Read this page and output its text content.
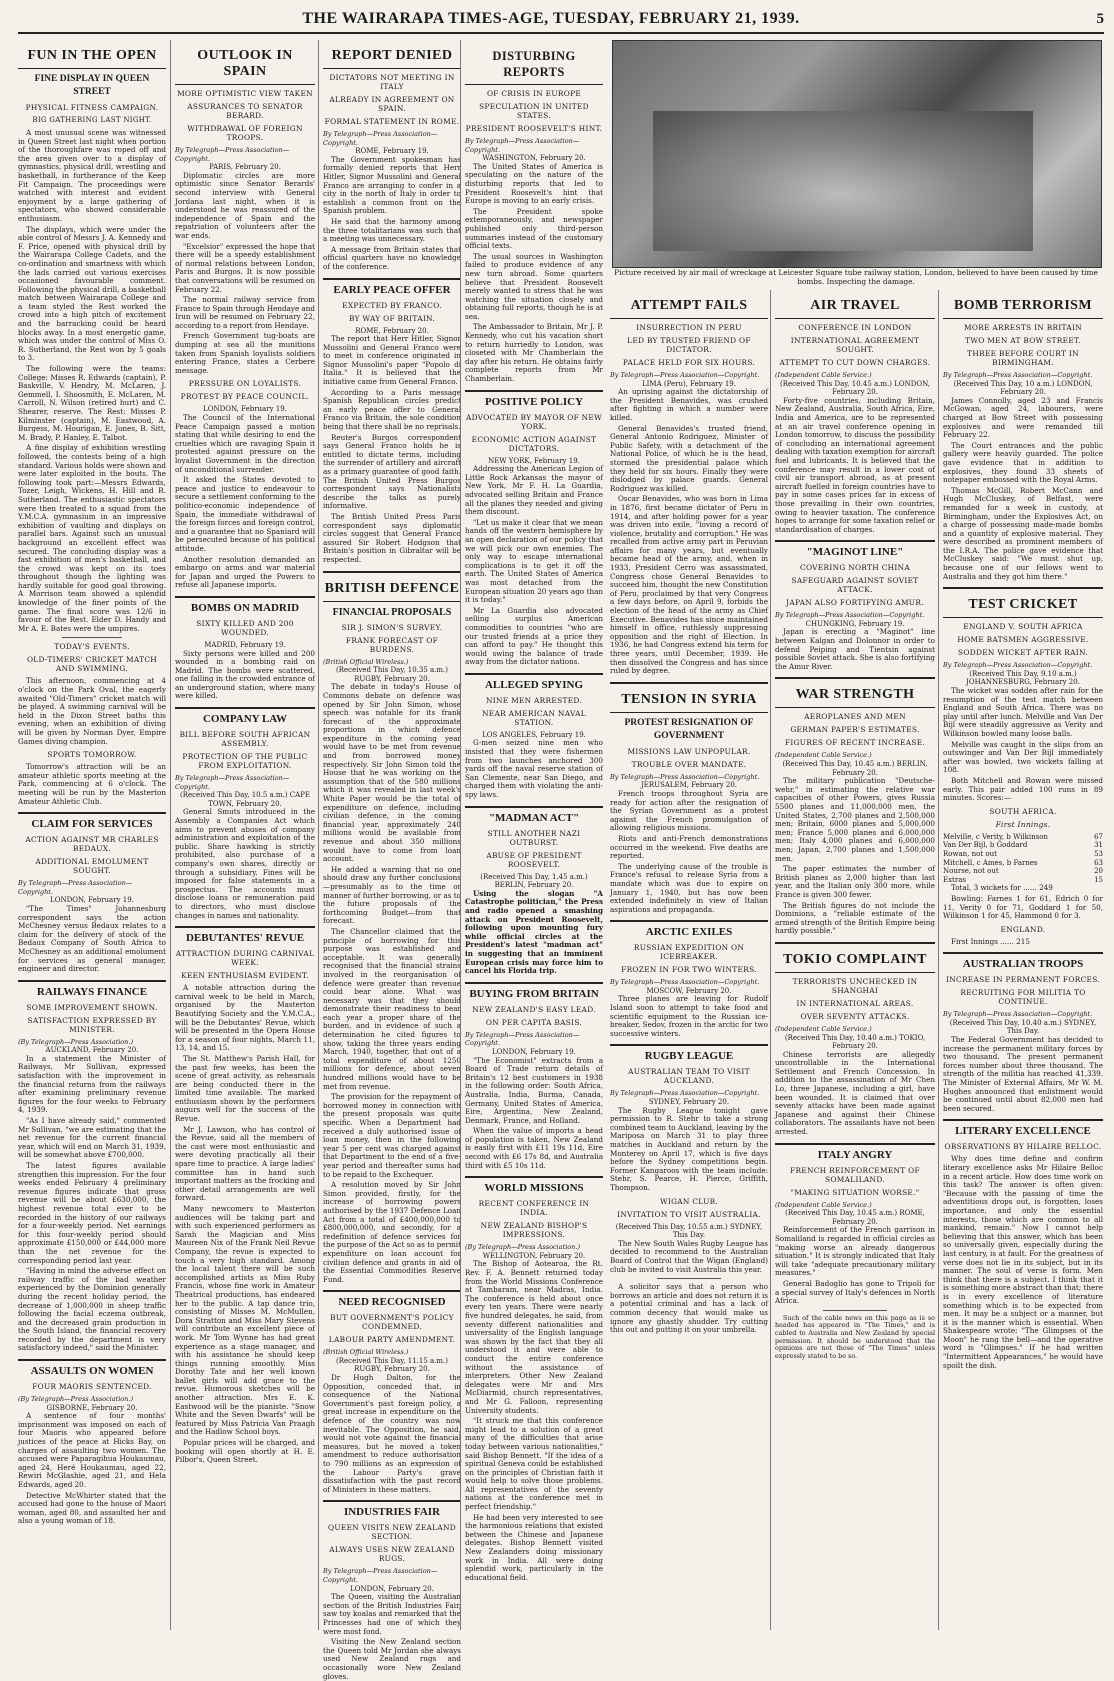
THE WAIRARAPA TIMES-AGE, TUESDAY, FEBRUARY 21, 1939.	5
FUN IN THE OPEN
FINE DISPLAY IN QUEEN STREET
PHYSICAL FITNESS CAMPAIGN.
BIG GATHERING LAST NIGHT.

A most unusual scene was witnessed in Queen Street last night when portion of the thoroughfare was roped off and the area given over to a display of gymnastics, physical drill, wrestling and basketball, in furtherance of the Keep Fit Campaign. The proceedings were watched with interest and evident enjoyment by a large gathering of spectators, who showed considerable enthusiasm.

The displays, which were under the able control of Messrs J. A. Kennedy and F. Price, opened with physical drill by the Wairarapa College Cadets, and the co-ordination and smartness with which the lads carried out various exercises occasioned favourable comment. Following the physical drill, a basketball match between Wairarapa College and a team styled the Rest worked the crowd into a high pitch of excitement and the barracking could be heard blocks away. In a most energetic game, which was under the control of Miss O. R. Sutherland, the Rest won by 5 goals to 3.

The following were the teams: College: Misses R. Edwards (captain), P. Baskville, V. Hendry, M. McLaren, J. Gemmell, I. Shoosmith, E. McLaren, M. Carroll, N. Wilson (retired hurt) and C. Shearer, reserve. The Rest: Misses P. Kilminster (captain), M. Eastwood, A. Burgess, M. Hourigan, E. Jones, B. Sitt, M. Brady, P. Hanley, E. Talbot.

A fine display of exhibition wrestling followed, the contests being of a high standard. Various holds were shown and were later exploited in the bouts. The following took part:—Messrs Edwards, Tozer, Leigh, Wickens, H. Hill and R. Sutherland. The enthusiastic spectators were then treated to a squad from the Y.M.C.A. gymnasium in an impressive exhibition of vaulting and displays on parallel bars. Against such an unusual background an excellent effect was secured. The concluding display was a fast exhibition of men's basketball, and the crowd was kept on its toes throughout though the lighting was hardly suitable for good goal throwing. A Morrison team showed a splendid knowledge of the finer points of the game. The final score was 12/6 in favour of the Rest. Elder D. Handy and Mr A. E. Bates were the umpires.

TODAY'S EVENTS.
OLD-TIMERS' CRICKET MATCH AND SWIMMING.

This afternoon, commencing at 4 o'clock on the Park Oval, the eagerly awaited "Old-Timers" cricket match will be played. A swimming carnival will be held in the Dixon Street baths this evening, when an exhibition of diving will be given by Norman Dyer, Empire Games diving champion.

SPORTS TOMORROW.

Tomorrow's attraction will be an amateur athletic sports meeting at the Park, commencing at 6 o'clock. The meeting will be run by the Masterton Amateur Athletic Club.

CLAIM FOR SERVICES
ACTION AGAINST MR CHARLES BEDAUX.
ADDITIONAL EMOLUMENT SOUGHT.
By Telegraph—Press Association—Copyright.
LONDON, February 19.

"The Times" Johannesburg correspondent says the action McChesney versus Bedaux relates to a claim for the delivery of stock of the Bedaux Company of South Africa to McChesney as an additional emolument for services as general manager, engineer and director.

RAILWAYS FINANCE
SOME IMPROVEMENT SHOWN.
SATISFACTION EXPRESSED BY MINISTER.
(By Telegraph—Press Association.)
AUCKLAND, February 20.

In a statement the Minister of Railways, Mr Sullivan, expressed satisfaction with the improvement in the financial returns from the railways after examining preliminary revenue figures for the four weeks to February 4, 1939.

"As I have already said," commented Mr Sullivan, "we are estimating that the net revenue for the current financial year, which will end on March 31, 1939, will be somewhat above £700,000.

The latest figures available strengthen this impression. For the four weeks ended February 4 preliminary revenue figures indicate that gross revenue will be about £630,000, the highest revenue total ever to be recorded in the history of our railways for a four-weekly period. Net earnings for this four-weekly period should approximate £150,000 or £44,000 more than the net revenue for the corresponding period last year.

"Having in mind the adverse effect on railway traffic of the bad weather experienced by the Dominion generally during the recent holiday period, the decrease of 1,000,000 in sheep traffic following the facial eczema outbreak, and the decreased grain production in the South Island, the financial recovery recorded by the department is very satisfactory indeed," said the Minister.

ASSAULTS ON WOMEN
FOUR MAORIS SENTENCED.
(By Telegraph—Press Association.)
GISBORNE, February 20.

A sentence of four months' imprisonment was imposed on each of four Maoris who appeared before justices of the peace at Hicks Bay, on charges of assaulting two women. The accused were Paparagihua Houkaumau, aged 24, Heré Houkaumau, aged 22, Rewiri McGlashie, aged 21, and Hela Edwards, aged 20.

Detective McWhirter stated that the accused had gone to the house of Maori woman, aged 80, and assaulted her and also a young woman of 18.

OUTLOOK IN SPAIN
MORE OPTIMISTIC VIEW TAKEN
ASSURANCES TO SENATOR BERARD.
WITHDRAWAL OF FOREIGN TROOPS.
By Telegraph—Press Association—Copyright.
PARIS, February 20.

Diplomatic circles are more optimistic since Senator Berards' second interview with General Jordana last night, when it is understood he was reassured of the independence of Spain and the repatriation of volunteers after the war ends.

"Excelsior" expressed the hope that there will be a speedy establishment of normal relations between London, Paris and Burgos. It is now possible that conversations will be resumed on February 22.

The normal railway service from France to Spain through Hendaye and Irun will be resumed on February 22, according to a report from Hendaye.

French Government tug-boats are dumping at sea all the munitions taken from Spanish loyalists soldiers entering France, states a Cerbere message.

PRESSURE ON LOYALISTS.
PROTEST BY PEACE COUNCIL.
LONDON, February 19.

The Council of the International Peace Campaign passed a motion stating that while desiring to end the cruelties which are ravaging Spain it protested against pressure on the loyalist Government in the direction of unconditional surrender.

It asked the States devoted to peace and justice to endeavour to secure a settlement conforming to the politico-economic independence of Spain, the immediate withdrawal of the foreign forces and foreign control, and a guarantee that no Spaniard will be persecuted because of his political attitude.

Another resolution demanded an embargo on arms and war material for Japan and urged the Powers to refuse all Japanese imports.

BOMBS ON MADRID
SIXTY KILLED AND 200 WOUNDED.
MADRID, February 19.

Sixty persons were killed and 200 wounded in a bombing raid on Madrid. The bombs were scattered, one falling in the crowded entrance of an underground station, where many were killed.

COMPANY LAW
BILL BEFORE SOUTH AFRICAN ASSEMBLY.
PROTECTION OF THE PUBLIC FROM EXPLOITATION.
By Telegraph—Press Association—Copyright.
(Received This Day, 10.5 a.m.) CAPE TOWN, February 20.

General Smuts introduced in the Assembly a Companies Act which aims to prevent abuses of company administration and exploitation of the public. Share hawking is strictly prohibited, also purchase of a company's own shares, directly or through a subsidiary. Fines will be imposed for false statements in a prospectus. The accounts must disclose loans or remuneration paid to directors, who must disclose changes in names and nationality.

DEBUTANTES' REVUE
ATTRACTION DURING CARNIVAL WEEK.
KEEN ENTHUSIASM EVIDENT.

A notable attraction during the carnival week to be held in March, organised by the Masterton Beautifying Society and the Y.M.C.A., will be the Debutantes' Revue, which will be presented in the Opera House for a season of four nights, March 11, 13, 14, and 15.

The St. Matthew's Parish Hall, for the past few weeks, has been the scene of great activity, as rehearsals are being conducted there in the limited time available. The marked enthusiasm shown by the performers augurs well for the success of the Revue.

Mr J. Lawson, who has control of the Revue, said all the members of the cast were most enthusiastic and were devoting practically all their spare time to practice. A large ladies' committee has in hand such important matters as the frocking and other detail arrangements are well forward.

Many newcomers to Masterton audiences will be taking part and with such experienced performers as Sarah the Magician and Miss Maureen Nix of the Frank Neil Revue Company, the revue is expected to touch a very high standard. Among the local talent there will be such accomplished artists as Miss Ruby Francis, whose fine work in Amateur Theatrical productions, has endeared her to the public. A tap dance trio, consisting of Misses M. McMullen, Dora Stratton and Miss Mary Stevens will contribute an excellent piece of work. Mr Tom Wynne has had great experience as a stage manager, and with his assistance he should keep things running smoothly. Miss Dorothy Tate and her well known ballet girls will add grace to the revue. Humorous sketches will be another attraction. Mrs E. K. Eastwood will be the pianiste. "Snow White and the Seven Dwarfs" will be featured by Miss Patricia Van Praagh and the Hadlow School boys.

Popular prices will be charged, and booking will open shortly at H. E. Pilbor's, Queen Street.

REPORT DENIED
DICTATORS NOT MEETING IN ITALY
ALREADY IN AGREEMENT ON SPAIN.
FORMAL STATEMENT IN ROME.
By Telegraph—Press Association—Copyright.
ROME, February 19.

The Government spokesman has formally denied reports that Herr Hitler, Signor Mussolini and General Franco are arranging to confer in a city in the north of Italy in order to establish a common front on the Spanish problem.

He said that the harmony among the three totalitarians was such that a meeting was unnecessary.

A message from Britain states that official quarters have no knowledge of the conference.

EARLY PEACE OFFER
EXPECTED BY FRANCO.
BY WAY OF BRITAIN.
ROME, February 20.

The report that Herr Hitler, Signor Mussolini and General Franco were to meet in conference originated in Signor Mussolini's paper "Popolo di Italia." It is believed that the initiative came from General Franco.

According to a Paris message Spanish Republican circles predict an early peace offer to General Franco via Britain, the sole condition being that there shall be no reprisals.

Reuter's Burgos correspondent says General Franco holds he is entitled to dictate terms, including the surrender of artillery and aircraft as a primary guarantee of good faith. The British United Press Burgos correspondent says Nationalists describe the talks as purely informative.

The British United Press Paris correspondent says diplomatic circles suggest that General Franco assured Sir Robert Hodgson that Britain's position in Gibraltar will be respected.

BRITISH DEFENCE
FINANCIAL PROPOSALS
SIR J. SIMON'S SURVEY.
FRANK FORECAST OF BURDENS.
(British Official Wireless.)
(Received This Day, 10.35 a.m.) RUGBY, February 20.

The debate in today's House of Commons debate on defence was opened by Sir John Simon, whose speech was notable for its frank forecast of the approximate proportions in which defence expenditure in the coming year would have to be met from revenue and from borrowed money respectively. Sir John Simon told the House that he was working on the assumption that of the 580 millions which it was revealed in last week's White Paper would be the total of expenditure on defence, including civilian defence, in the coming financial year, approximately 240 millions would be available from revenue and about 350 millions would have to come from loan account.

He added a warning that no one should draw any further conclusions—presumably as to the time or manner of further borrowing, or as to the future proposals of the forthcoming Budget—from that forecast.

The Chancellor claimed that the principle of borrowing for this purpose was established and acceptable. It was generally recognised that the financial strains involved in the reorganisation of defence were greater than revenue could bear alone. What was necessary was that they should demonstrate their readiness to bear each year a proper share of the burden, and in evidence of such a determination he cited figures to show, taking the three years ending March, 1940, together, that out of a total expenditure of about 1250 millions for defence, about seven hundred millions would have to be met from revenue.

The provision for the repayment of borrowed money in connection with the present proposals was quite specific. When a Department had received a duly authorised issue of loan money, then in the following year 5 per cent was charged against that Department to the end of a five-year period and thereafter sums had to be repaid to the Exchequer.

A resolution moved by Sir John Simon provided, firstly, for the increase of borrowing powers authorised by the 1937 Defence Loan Act from a total of £400,000,000 to £800,000,000, and secondly, for a redefinition of defence services for the purpose of the Act so as to permit expenditure on loan account for civilian defence and grants in aid of the Essential Commodities Reserve Fund.

NEED RECOGNISED
BUT GOVERNMENT'S POLICY CONDEMNED.
LABOUR PARTY AMENDMENT.
(British Official Wireless.)
(Received This Day, 11.15 a.m.) RUGBY, February 20.

Dr Hugh Dalton, for the Opposition, conceded that, in consequence of the National Government's past foreign policy, a great increase in expenditure on the defence of the country was now inevitable. The Opposition, he said, would not vote against the financial measures, but he moved a token amendment to reduce authorisation to 790 millions as an expression of the Labour Party's grave dissatisfaction with the past record of Ministers in these matters.

INDUSTRIES FAIR
QUEEN VISITS NEW ZEALAND SECTION.
ALWAYS USES NEW ZEALAND RUGS.
By Telegraph—Press Association—Copyright.
LONDON, February 20.

The Queen, visiting the Australian section of the British Industries Fair, saw toy koalas and remarked that the Princesses had one of which they were most fond.

Visiting the New Zealand section the Queen told Mr Jordan she always used New Zealand rugs and occasionally wore New Zealand gloves.

DISTURBING REPORTS
OF CRISIS IN EUROPE
SPECULATION IN UNITED STATES.
PRESIDENT ROOSEVELT'S HINT.
By Telegraph—Press Association—Copyright.
WASHINGTON, February 20.

The United States of America is speculating on the nature of the disturbing reports that led to President Roosevelt's hint that Europe is moving to an early crisis.

The President spoke extemporaneously, and newspaper published only third-person summaries instead of the customary official texts.

The usual sources in Washington failed to produce evidence of any new turn abroad. Some quarters believe that President Roosevelt merely wanted to stress that he was watching the situation closely and obtaining full reports, though he is at sea.

The Ambassador to Britain, Mr J. P. Kennedy, who cut his vacation short to return hurriedly to London, was closeted with Mr Chamberlain the day after his return. He obtains fairly complete reports from Mr Chamberlain.

POSITIVE POLICY
ADVOCATED BY MAYOR OF NEW YORK.
ECONOMIC ACTION AGAINST DICTATORS.
NEW YORK, February 19.

Addressing the American Legion of Little Rock Arkansas the mayor of New York, Mr F. H. La Guardia, advocated selling Britain and France all the planes they needed and giving them discount.

"Let us make it clear that we mean hands off the western hemisphere by an open declaration of our policy that we will pick our own enemies. The only way to escape international complications is to get it off the earth. The United States of America was most detached from the European situation 20 years ago than it is today."

Mr La Guardia also advocated selling surplus American commodities to countries "who are our trusted friends at a price they can afford to pay." He thought this would swing the balance of trade away from the dictator nations.

ALLEGED SPYING
NINE MEN ARRESTED.
NEAR AMERICAN NAVAL STATION.
LOS ANGELES, February 19.

G-men seized nine men who insisted that they were fishermen from two launches anchored 300 yards off the naval reserve station of San Clemente, near San Diego, and charged them with violating the anti-spy laws.

"MADMAN ACT"
STILL ANOTHER NAZI OUTBURST.
ABUSE OF PRESIDENT ROOSEVELT.
(Received This Day, 1.45 a.m.) BERLIN, February 20.

Using the slogan "A Catastrophe politician," the Press and radio opened a smashing attack on President Roosevelt, following upon mounting fury while official circles at the President's latest "madman act" in suggesting that an imminent European crisis may force him to cancel his Florida trip.

BUYING FROM BRITAIN
NEW ZEALAND'S EASY LEAD.
ON PER CAPITA BASIS.
By Telegraph—Press Association—Copyright.
LONDON, February 19.

"The Economist" extracts from a Board of Trade return details of Britain's 12 best customers in 1938 in the following order: South Africa, Australia, India, Burma, Canada, Germany, United States of America, Eire, Argentina, New Zealand, Denmark, France, and Holland.

When the value of imports a head of population is taken, New Zealand is easily first with £11 19s 11d, Eire second with £6 17s 8d, and Australia third with £5 10s 11d.

WORLD MISSIONS
RECENT CONFERENCE IN INDIA.
NEW ZEALAND BISHOP'S IMPRESSIONS.
(By Telegraph—Press Association.)
WELLINGTON, February 20.

The Bishop of Aotearoa, the Rt. Rev. F. A. Bennett returned today from the World Missions Conference at Tambaram, near Madras, India. The conference is held about once every ten years. There were nearly five hundred delegates, he said, from seventy different nationalities and universality of the English language was shown by the fact that they all understood it and were able to conduct the entire conference without the assistance of interpreters. Other New Zealand delegates were Mr and Mrs McDiarmid, church representatives, and Mr G. Falloon, representing University students.

"It struck me that this conference might lead to a solution of a great many of the difficulties that arise today between various nationalities," said Bishop Bennett. "If the idea of a spiritual Geneva could be established on the principles of Christian faith it would help to solve those problems. All representatives of the seventy nations at the conference met in perfect friendship."

He had been very interested to see the harmonious relations that existed between the Chinese and Japanese delegates. Bishop Bennett visited New Zealanders doing missionary work in India. All were doing splendid work, particularly in the educational field.

Picture received by air mail of wreckage at Leicester Square tube railway station, London, believed to have been caused by time bombs. Inspecting the damage.
ATTEMPT FAILS
INSURRECTION IN PERU
LED BY TRUSTED FRIEND OF DICTATOR.
PALACE HELD FOR SIX HOURS.
By Telegraph—Press Association—Copyright.
LIMA (Peru), February 19.

An uprising against the dictatorship of the President Benavides, was crushed after fighting in which a number were killed.

General Benavides's trusted friend, General Antonio Rodriguez, Minister of Public Safety, with a detachment of the National Police, of which he is the head, stormed the presidential palace which they held for six hours. Finally they were dislodged by palace guards. General Rodriguez was killed.

Oscar Benavides, who was born in Lima in 1876, first became dictator of Peru in 1914, and after holding power for a year was driven into exile, "loving a record of violence, brutality and corruption." He was recalled from active army part in Peruvian affairs for many years, but eventually became head of the army, and, when in 1933, President Cerro was assassinated, Congress chose General Benavides to succeed him, thought the new Constitution of Peru, proclaimed by that very Congress a few days before, on April 9, forbids the election of the head of the army as Chief Executive. Benavides has since maintained himself in office, ruthlessly suppressing opposition and the right of Election. In 1936, he had Congress extend his term for three years, until December, 1939. He then dissolved the Congress and has since ruled by degree.

TENSION IN SYRIA
PROTEST RESIGNATION OF GOVERNMENT
MISSIONS LAW UNPOPULAR.
TROUBLE OVER MANDATE.
By Telegraph—Press Association—Copyright.
JERUSALEM, February 20.

French troops throughout Syria are ready for action after the resignation of the Syrian Government as a protest against the French promulgation of allowing religious missions.

Riots and anti-French demonstrations occurred in the weekend. Five deaths are reported.

The underlying cause of the trouble is France's refusal to release Syria from a mandate which was due to expire on January 1, 1940, but has now been extended indefinitely in view of Italian aspirations and propaganda.

ARCTIC EXILES
RUSSIAN EXPEDITION ON ICEBREAKER.
FROZEN IN FOR TWO WINTERS.
By Telegraph—Press Association—Copyright.
MOSCOW, February 20.

Three planes are leaving for Rudolf Island soon to attempt to take food and scientific equipment to the Russian ice-breaker, Sedov, frozen in the arctic for two successive winters.

RUGBY LEAGUE
AUSTRALIAN TEAM TO VISIT AUCKLAND.
By Telegraph—Press Association—Copyright.
SYDNEY, February 20.

The Rugby League tonight gave permission to R. Stehr to take a strong combined team to Auckland, leaving by the Mariposa on March 31 to play three matches in Auckland and return by the Monterey on April 17, which is five days before the Sydney competitions begin. Former Kangaroos with the team include: Stehr, S. Pearce, H. Pierce, Griffith, Thompson.

WIGAN CLUB.
INVITATION TO VISIT AUSTRALIA.
(Received This Day, 10.55 a.m.) SYDNEY, This Day.

The New South Wales Rugby League has decided to recommend to the Australian Board of Control that the Wigan (England) club be invited to visit Australia this year.

A solicitor says that a person who borrows an article and does not return it is a potential criminal and has a lack of common decency that would make us ignore any ghastly shudder. Try cutting this out and putting it on your umbrella.

AIR TRAVEL
CONFERENCE IN LONDON
INTERNATIONAL AGREEMENT SOUGHT.
ATTEMPT TO CUT DOWN CHARGES.
(Independent Cable Service.)
(Received This Day, 10.45 a.m.) LONDON, February 20.

Forty-five countries, including Britain, New Zealand, Australia, South Africa, Eire, India and America, are to be represented at an air travel conference opening in London tomorrow, to discuss the possibility of concluding an international agreement dealing with taxation exemption for aircraft fuel and lubricants. It is believed that the conference may result in a lower cost of civil air transport abroad, as at present aircraft fuelled in foreign countries have to pay in some cases prices far in excess of those prevailing in their own countries, owing to heavier taxation. The conference hopes to arrange for some taxation relief or standardisation of charges.

"MAGINOT LINE"
COVERING NORTH CHINA
SAFEGUARD AGAINST SOVIET ATTACK.
JAPAN ALSO FORTIFYING AMUR.
By Telegraph—Press Association—Copyright.
CHUNGKING, February 19.

Japan is erecting a "Maginot" line between Kalgan and Dolonnor in order to defend Peiping and Tientsin against possible Soviet attack. She is also fortifying the Amur River.

WAR STRENGTH
AEROPLANES AND MEN
GERMAN PAPER'S ESTIMATES.
FIGURES OF RECENT INCREASE.
(Independent Cable Service.)
(Received This Day, 10.45 a.m.) BERLIN, February 20.

The military publication "Deutsche-wehr," in estimating the relative war capacities of other Powers, gives Russia 5500 planes and 11,000,000 men, the United States, 2,700 planes and 2,500,000 men; Britain, 6000 planes and 5,000,000 men; France 5,000 planes and 6,000,000 men; Italy 4,000 planes and 6,000,000 men; Japan, 2,700 planes and 1,500,000 men.

The paper estimates the number of British planes as 2,000 higher than last year, and the Italian only 300 more, while France is given 300 fewer.

The British figures do not include the Dominions, a "reliable estimate of the armed strength of the British Empire being hardly possible."

TOKIO COMPLAINT
TERRORISTS UNCHECKED IN SHANGHAI
IN INTERNATIONAL AREAS.
OVER SEVENTY ATTACKS.
(Independent Cable Service.)
(Received This Day, 10.40 a.m.) TOKIO, February 20.

Chinese terrorists are allegedly uncontrollable in the International Settlement and French Concession. In addition to the assassination of Mr Chen Lo, three Japanese, including a girl, have been wounded. It is claimed that over seventy attacks have been made against Japanese and against their Chinese collaborators. The assailants have not been arrested.

ITALY ANGRY
FRENCH REINFORCEMENT OF SOMALILAND.
"MAKING SITUATION WORSE."
(Independent Cable Service.)
(Received This Day, 10.45 a.m.) ROME, February 20.

Reinforcement of the French garrison in Somaliland is regarded in official circles as "making worse an already dangerous situation." It is strongly indicated that Italy will take "adequate precautionary military measures."

General Badoglio has gone to Tripoli for a special survey of Italy's defences in North Africa.

Such of the cable news on this page as is so headed has appeared in "The Times," and is cabled to Australia and New Zealand by special permission. It should be understood that the opinions are not those of "The Times" unless expressly stated to be so.

BOMB TERRORISM
MORE ARRESTS IN BRITAIN
TWO MEN AT BOW STREET.
THREE BEFORE COURT IN BIRMINGHAM.
By Telegraph—Press Association—Copyright.
(Received This Day, 10 a.m.) LONDON, February 20.

James Connolly, aged 23 and Francis McGowan, aged 24, labourers, were charged at Bow Street with possessing explosives and were remanded till February 22.

The Court entrances and the public gallery were heavily guarded. The police gave evidence that in addition to explosives, they found 33 sheets of notepaper embossed with the Royal Arms.

Thomas McGill, Robert McCann and Hugh McCluskey, of Belfast, were remanded for a week in custody, at Birmingham, under the Explosives Act, on a charge of possessing made-made bombs and a quantity of explosive material. They were described as prominent members of the I.R.A. The police gave evidence that McCluskey said: "We must shut up, because one of our fellows went to Australia and they got him there."

TEST CRICKET
ENGLAND V. SOUTH AFRICA
HOME BATSMEN AGGRESSIVE.
SODDEN WICKET AFTER RAIN.
By Telegraph—Press Association—Copyright.
(Received This Day, 9.10 a.m.) JOHANNESBURG, February 20.

The wicket was sodden after rain for the resumption of the test match between England and South Africa. There was no play until after lunch. Melville and Van Der Bijl were steadily aggressive as Verity and Wilkinson bowled many loose balls.

Melville was caught in the slips from an outswinger and Van Der Bijl immediately after was bowled, two wickets falling at 108.

Both Mitchell and Rowan were missed early. This pair added 100 runs in 89 minutes. Scores:—

SOUTH AFRICA.
First Innings.
Melville, c Verity, b Wilkinson	67
Van Der Bijl, b Goddard	31
Rowan, not out	53
Mitchell, c Ames, b Farnes	63
Nourse, not out	20
Extras	15

Total, 3 wickets for ...... 249

Bowling: Farnes 1 for 61, Edrich 0 for 11, Verity 0 for 71, Goddard 1 for 50, Wilkinson 1 for 45, Hammond 0 for 3.

ENGLAND.

First Innings ...... 215

AUSTRALIAN TROOPS
INCREASE IN PERMANENT FORCES.
RECRUITING FOR MILITIA TO CONTINUE.
By Telegraph—Press Association—Copyright.
(Received This Day, 10.40 a.m.) SYDNEY, This Day.

The Federal Government has decided to increase the permanent military forces by two thousand. The present permanent forces number about three thousand. The strength of the militia has reached 41,339. The Minister of External Affairs, Mr W. M. Hughes announced that enlistment would be continued until about 82,000 men had been secured.

LITERARY EXCELLENCE
OBSERVATIONS BY HILAIRE BELLOC.

Why does time define and confirm literary excellence asks Mr Hilaire Belloc in a recent article. How does time work on this task? The answer is often given: "Because with the passing of time the adventitious drops out, is forgotten, loses importance, and only the essential interests, those which are common to all mankind, remain." Now I cannot help believing that this answer, which has been so universally given, especially during the last century, is at fault. For the greatness of verse does not lie in its subject, but in its manner. The soul of verse is form. Men think that there is a subject. I think that it is something more abstract than that; there is in every excellence of literature something which is to be expected from men. It may be a subject or a manner, but it is the manner which is essential. When Shakespeare wrote: "The Glimpses of the Moon" he rang the bell—and the operative word is "Glimpses." If he had written "Intermittent Appearances," he would have spoilt the dish.
